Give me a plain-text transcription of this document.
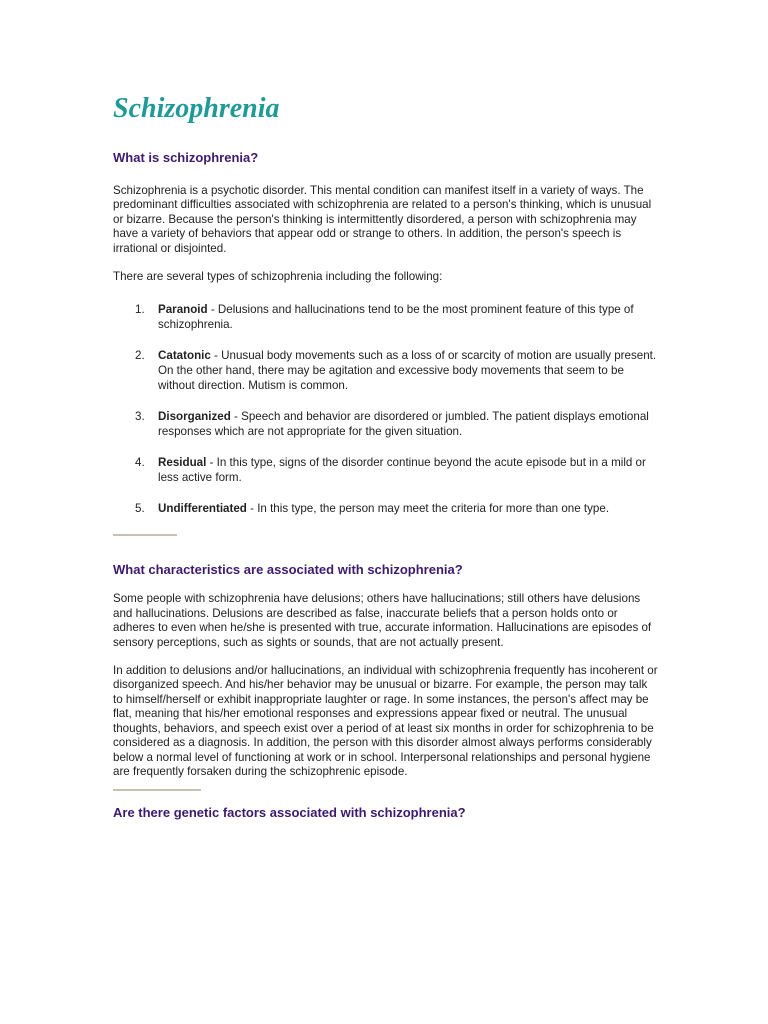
Schizophrenia
What is schizophrenia?

Schizophrenia is a psychotic disorder. This mental condition can manifest itself in a variety of ways. The predominant difficulties associated with schizophrenia are related to a person's thinking, which is unusual or bizarre. Because the person's thinking is intermittently disordered, a person with schizophrenia may have a variety of behaviors that appear odd or strange to others. In addition, the person's speech is irrational or disjointed.

There are several types of schizophrenia including the following:

1. Paranoid - Delusions and hallucinations tend to be the most prominent feature of this type of schizophrenia.
2. Catatonic - Unusual body movements such as a loss of or scarcity of motion are usually present. On the other hand, there may be agitation and excessive body movements that seem to be without direction. Mutism is common.
3. Disorganized - Speech and behavior are disordered or jumbled. The patient displays emotional responses which are not appropriate for the given situation.
4. Residual - In this type, signs of the disorder continue beyond the acute episode but in a mild or less active form.
5. Undifferentiated - In this type, the person may meet the criteria for more than one type.
What characteristics are associated with schizophrenia?

Some people with schizophrenia have delusions; others have hallucinations; still others have delusions and hallucinations. Delusions are described as false, inaccurate beliefs that a person holds onto or adheres to even when he/she is presented with true, accurate information. Hallucinations are episodes of sensory perceptions, such as sights or sounds, that are not actually present.

In addition to delusions and/or hallucinations, an individual with schizophrenia frequently has incoherent or disorganized speech. And his/her behavior may be unusual or bizarre. For example, the person may talk to himself/herself or exhibit inappropriate laughter or rage. In some instances, the person's affect may be flat, meaning that his/her emotional responses and expressions appear fixed or neutral. The unusual thoughts, behaviors, and speech exist over a period of at least six months in order for schizophrenia to be considered as a diagnosis. In addition, the person with this disorder almost always performs considerably below a normal level of functioning at work or in school. Interpersonal relationships and personal hygiene are frequently forsaken during the schizophrenic episode.

Are there genetic factors associated with schizophrenia?
